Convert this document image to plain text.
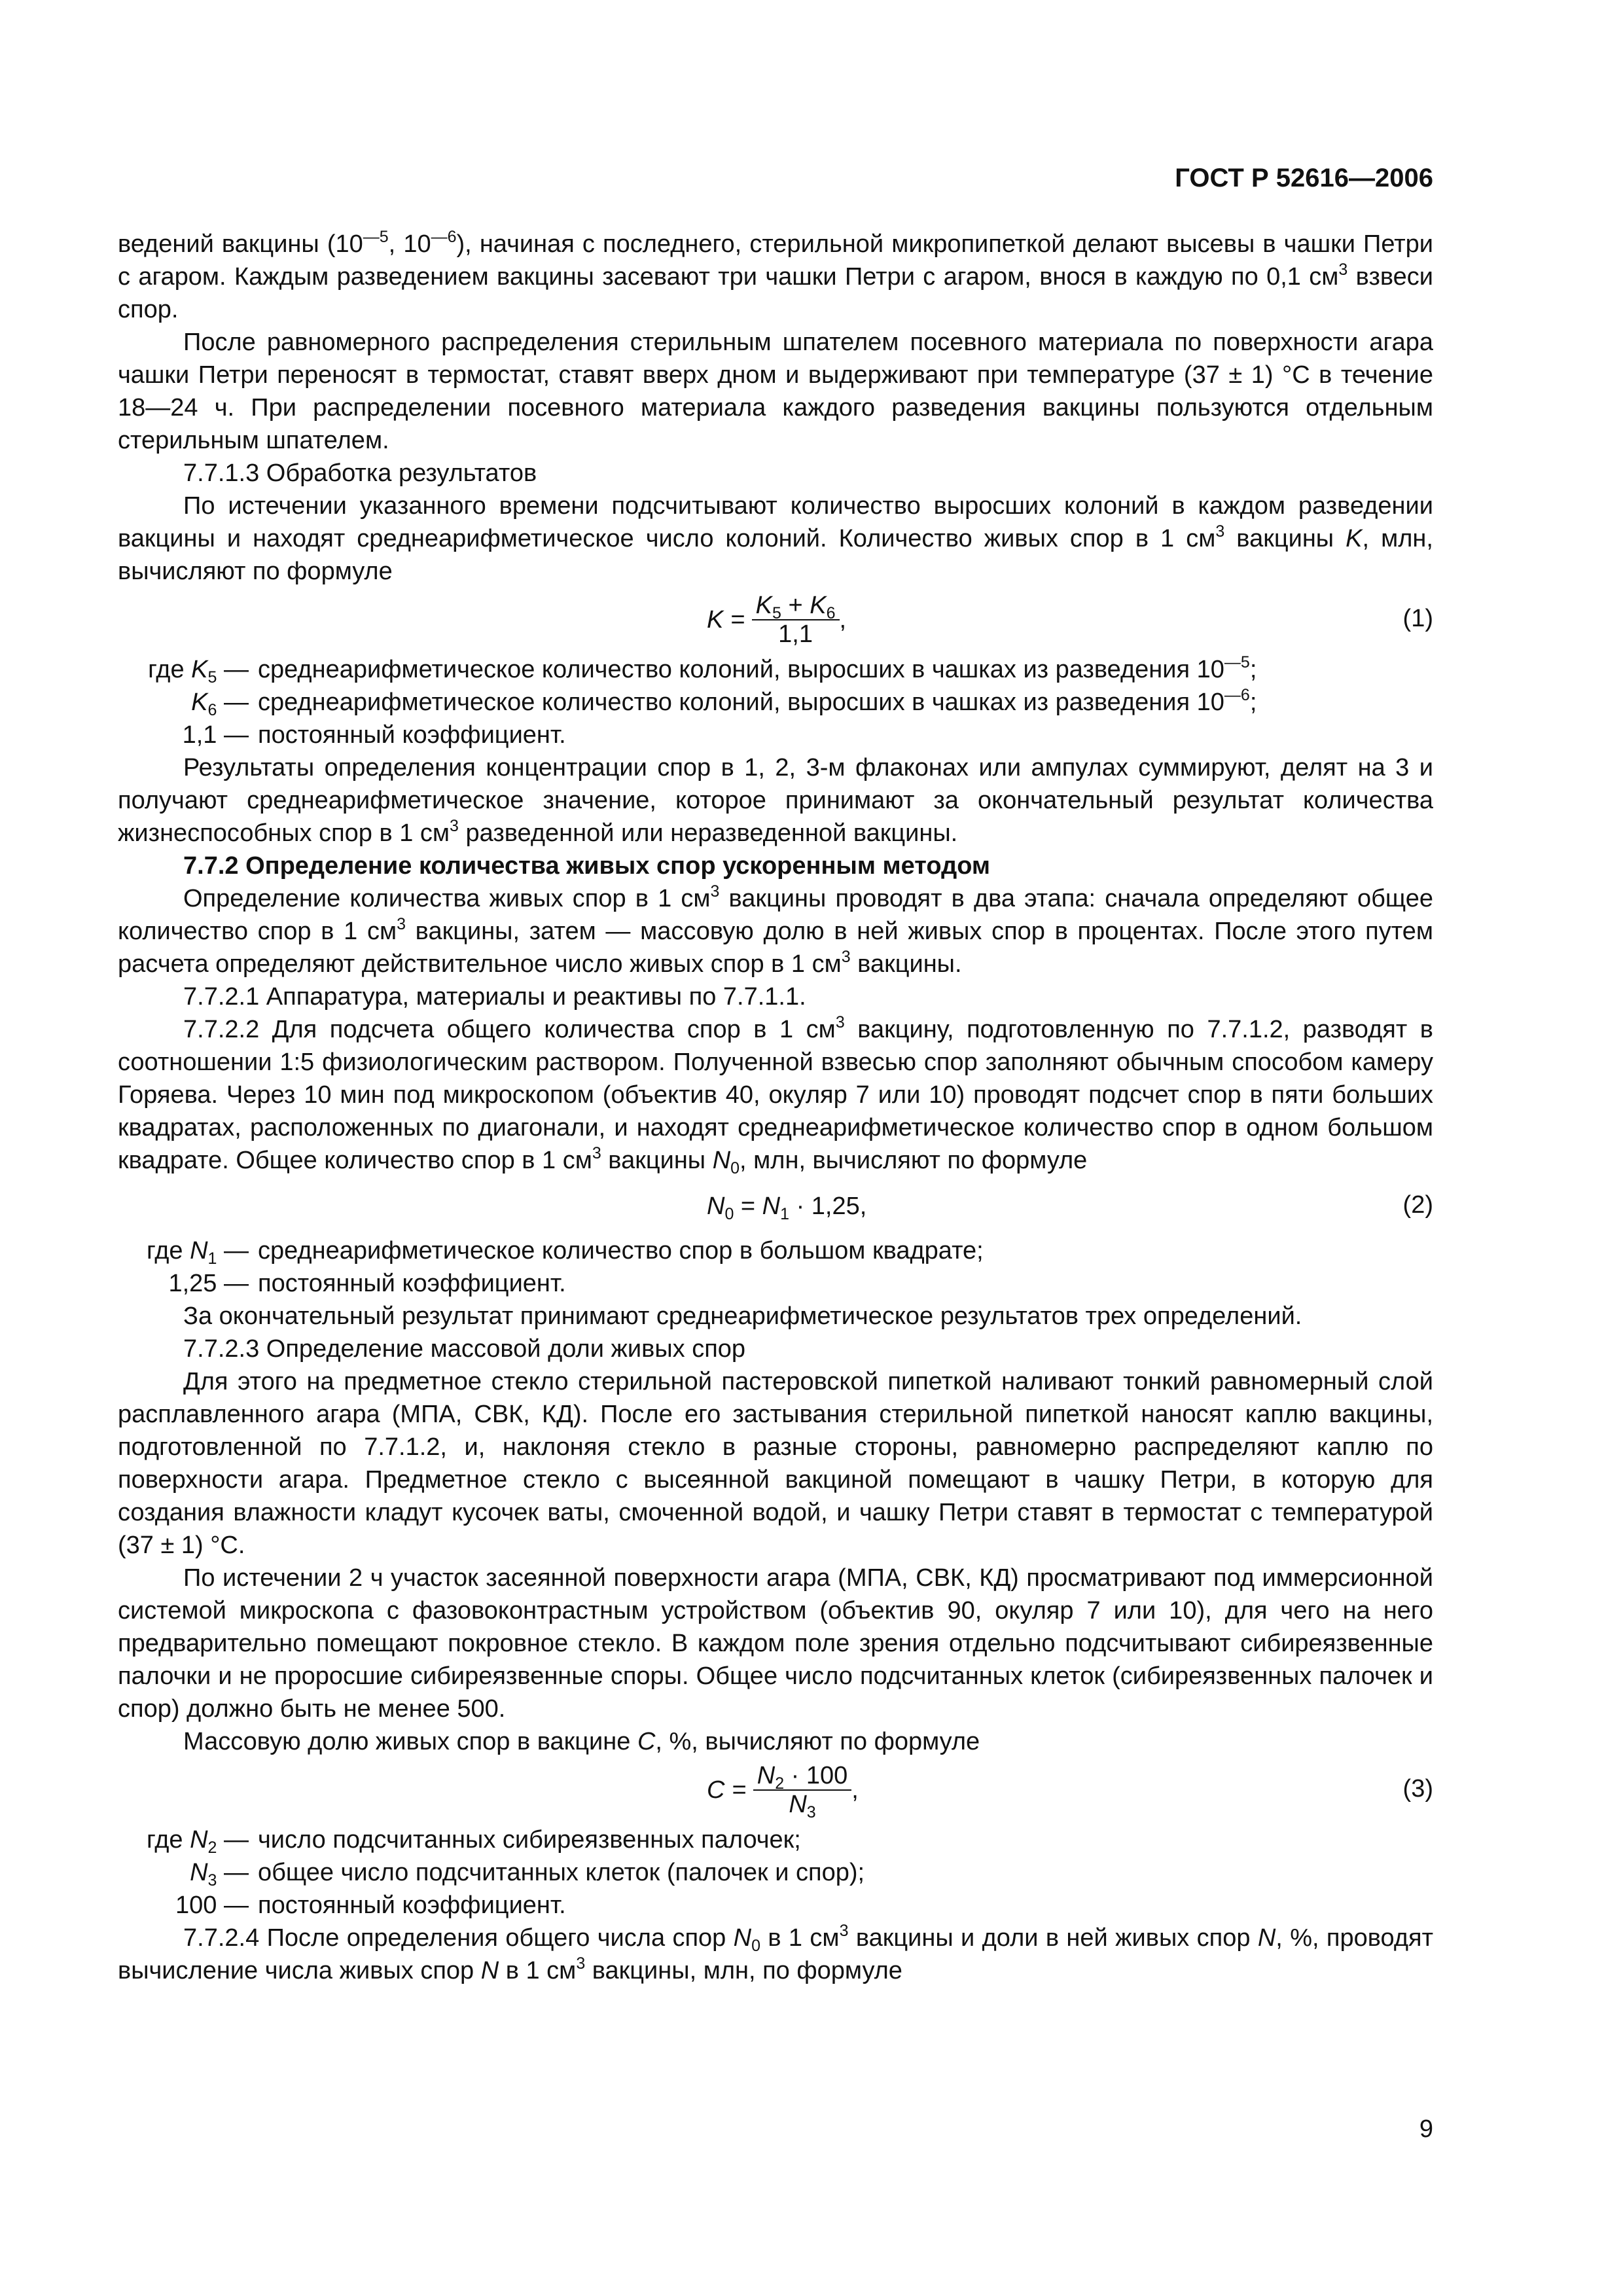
ГОСТ Р 52616—2006

ведений вакцины ($10^{—5}$, $10^{—6}$), начиная с последнего, стерильной микропипеткой делают высевы в чашки Петри с агаром. Каждым разведением вакцины засевают три чашки Петри с агаром, внося в каждую по 0,1 $см^3$ взвеси спор.

После равномерного распределения стерильным шпателем посевного материала по поверхности агара чашки Петри переносят в термостат, ставят вверх дном и выдерживают при температуре (37 ± 1) °С в течение 18—24 ч. При распределении посевного материала каждого разведения вакцины пользуются отдельным стерильным шпателем.

7.7.1.3 Обработка результатов

По истечении указанного времени подсчитывают количество выросших колоний в каждом разведении вакцины и находят среднеарифметическое число колоний. Количество живых спор в 1 $см^3$ вакцины K, млн, вычисляют по формуле

$K = \frac{K_5 + K_6}{1,1}$ ,	(1)
где $K_5$ — среднеарифметическое количество колоний, выросших в чашках из разведения $10^{—5}$;
$K_6$ — среднеарифметическое количество колоний, выросших в чашках из разведения $10^{—6}$;
1,1 — постоянный коэффициент.

Результаты определения концентрации спор в 1, 2, 3-м флаконах или ампулах суммируют, делят на 3 и получают среднеарифметическое значение, которое принимают за окончательный результат количества жизнеспособных спор в 1 $см^3$ разведенной или неразведенной вакцины.

7.7.2 Определение количества живых спор ускоренным методом

Определение количества живых спор в 1 $см^3$ вакцины проводят в два этапа: сначала определяют общее количество спор в 1 $см^3$ вакцины, затем — массовую долю в ней живых спор в процентах. После этого путем расчета определяют действительное число живых спор в 1 $см^3$ вакцины.

7.7.2.1 Аппаратура, материалы и реактивы по 7.7.1.1.

7.7.2.2 Для подсчета общего количества спор в 1 $см^3$ вакцину, подготовленную по 7.7.1.2, разводят в соотношении 1:5 физиологическим раствором. Полученной взвесью спор заполняют обычным способом камеру Горяева. Через 10 мин под микроскопом (объектив 40, окуляр 7 или 10) проводят подсчет спор в пяти больших квадратах, расположенных по диагонали, и находят среднеарифметическое количество спор в одном большом квадрате. Общее количество спор в 1 $см^3$ вакцины $N_0$, млн, вычисляют по формуле

$N_0 = N_1 \cdot 1,25$,	(2)
где $N_1$ — среднеарифметическое количество спор в большом квадрате;
1,25 — постоянный коэффициент.

За окончательный результат принимают среднеарифметическое результатов трех определений.

7.7.2.3 Определение массовой доли живых спор

Для этого на предметное стекло стерильной пастеровской пипеткой наливают тонкий равномерный слой расплавленного агара (МПА, СВК, КД). После его застывания стерильной пипеткой наносят каплю вакцины, подготовленной по 7.7.1.2, и, наклоняя стекло в разные стороны, равномерно распределяют каплю по поверхности агара. Предметное стекло с высеянной вакциной помещают в чашку Петри, в которую для создания влажности кладут кусочек ваты, смоченной водой, и чашку Петри ставят в термостат с температурой (37 ± 1) °С.

По истечении 2 ч участок засеянной поверхности агара (МПА, СВК, КД) просматривают под иммерсионной системой микроскопа с фазовоконтрастным устройством (объектив 90, окуляр 7 или 10), для чего на него предварительно помещают покровное стекло. В каждом поле зрения отдельно подсчитывают сибиреязвенные палочки и не проросшие сибиреязвенные споры. Общее число подсчитанных клеток (сибиреязвенных палочек и спор) должно быть не менее 500.

Массовую долю живых спор в вакцине С, %, вычисляют по формуле

$C = \frac{N_2 \cdot 100}{N_3}$ ,	(3)
где $N_2$ — число подсчитанных сибиреязвенных палочек;
$N_3$ — общее число подсчитанных клеток (палочек и спор);
100 — постоянный коэффициент.

7.7.2.4 После определения общего числа спор $N_0$ в 1 $см^3$ вакцины и доли в ней живых спор N, %, проводят вычисление числа живых спор N в 1 $см^3$ вакцины, млн, по формуле

9
